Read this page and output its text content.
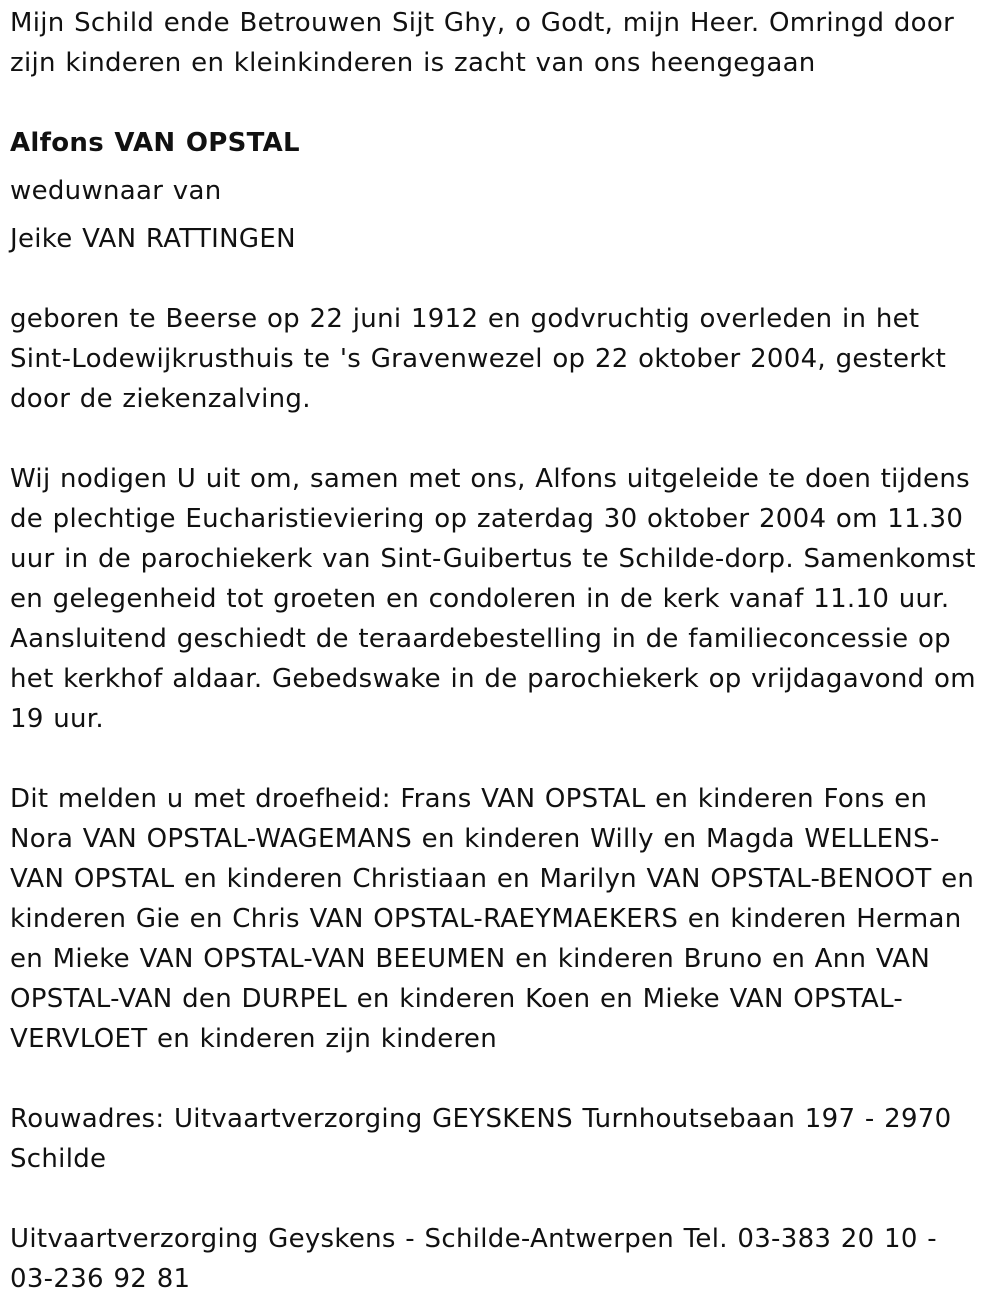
Mijn Schild ende Betrouwen Sijt Ghy, o Godt, mijn Heer. Omringd door zijn kinderen en kleinkinderen is zacht van ons heengegaan

Alfons VAN OPSTAL

weduwnaar van

Jeike VAN RATTINGEN

geboren te Beerse op 22 juni 1912 en godvruchtig overleden in het Sint-Lodewijkrusthuis te 's Gravenwezel op 22 oktober 2004, gesterkt door de ziekenzalving.

Wij nodigen U uit om, samen met ons, Alfons uitgeleide te doen tijdens de plechtige Eucharistieviering op zaterdag 30 oktober 2004 om 11.30 uur in de parochiekerk van Sint-Guibertus te Schilde-dorp. Samenkomst en gelegenheid tot groeten en condoleren in de kerk vanaf 11.10 uur. Aansluitend geschiedt de teraardebestelling in de familieconcessie op het kerkhof aldaar. Gebedswake in de parochiekerk op vrijdagavond om 19 uur.

Dit melden u met droefheid: Frans VAN OPSTAL en kinderen Fons en Nora VAN OPSTAL-WAGEMANS en kinderen Willy en Magda WELLENS-VAN OPSTAL en kinderen Christiaan en Marilyn VAN OPSTAL-BENOOT en kinderen Gie en Chris VAN OPSTAL-RAEYMAEKERS en kinderen Herman en Mieke VAN OPSTAL-VAN BEEUMEN en kinderen Bruno en Ann VAN OPSTAL-VAN den DURPEL en kinderen Koen en Mieke VAN OPSTAL-VERVLOET en kinderen zijn kinderen

Rouwadres: Uitvaartverzorging GEYSKENS Turnhoutsebaan 197 - 2970 Schilde

Uitvaartverzorging Geyskens - Schilde-Antwerpen Tel. 03-383 20 10 - 03-236 92 81
